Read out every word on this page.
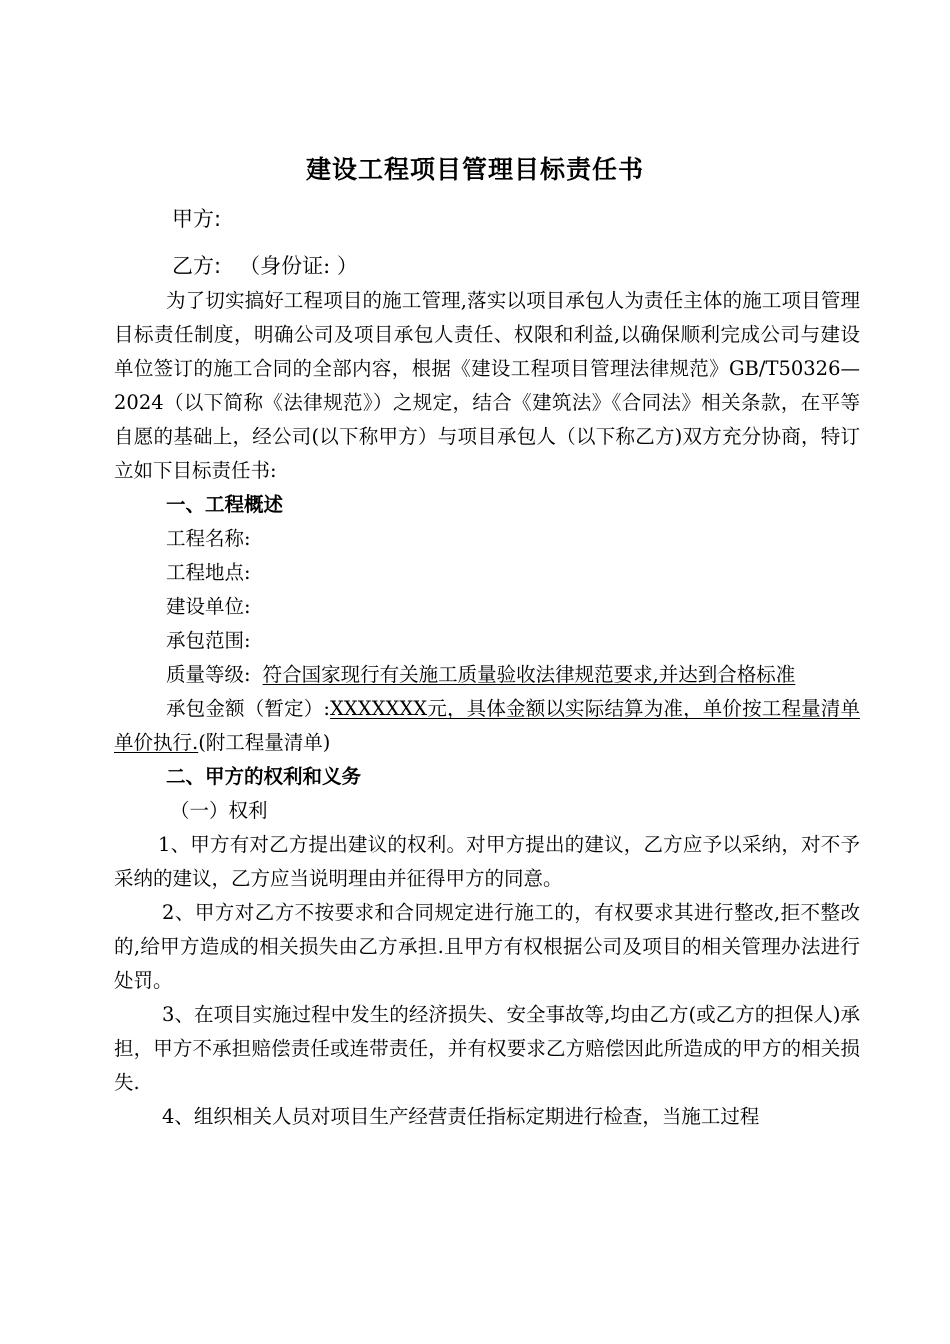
建设工程项目管理目标责任书
甲方:
乙方: （身份证: ）

为了切实搞好工程项目的施工管理,落实以项目承包人为责任主体的施工项目管理目标责任制度，明确公司及项目承包人责任、权限和利益,以确保顺利完成公司与建设单位签订的施工合同的全部内容，根据《建设工程项目管理法律规范》GB/T50326—2024（以下简称《法律规范》）之规定，结合《建筑法》《合同法》相关条款，在平等自愿的基础上，经公司(以下称甲方）与项目承包人（以下称乙方)双方充分协商，特订立如下目标责任书:

一、工程概述

工程名称:

工程地点:

建设单位:

承包范围:

质量等级: 符合国家现行有关施工质量验收法律规范要求,并达到合格标准

承包金额（暂定）:XXXXXXX元，具体金额以实际结算为准，单价按工程量清单单价执行.(附工程量清单)

二、甲方的权利和义务

（一）权利

1、甲方有对乙方提出建议的权利。对甲方提出的建议，乙方应予以采纳，对不予采纳的建议，乙方应当说明理由并征得甲方的同意。

2、甲方对乙方不按要求和合同规定进行施工的，有权要求其进行整改,拒不整改的,给甲方造成的相关损失由乙方承担.且甲方有权根据公司及项目的相关管理办法进行处罚。

3、在项目实施过程中发生的经济损失、安全事故等,均由乙方(或乙方的担保人)承担，甲方不承担赔偿责任或连带责任，并有权要求乙方赔偿因此所造成的甲方的相关损失.

4、组织相关人员对项目生产经营责任指标定期进行检查，当施工过程
